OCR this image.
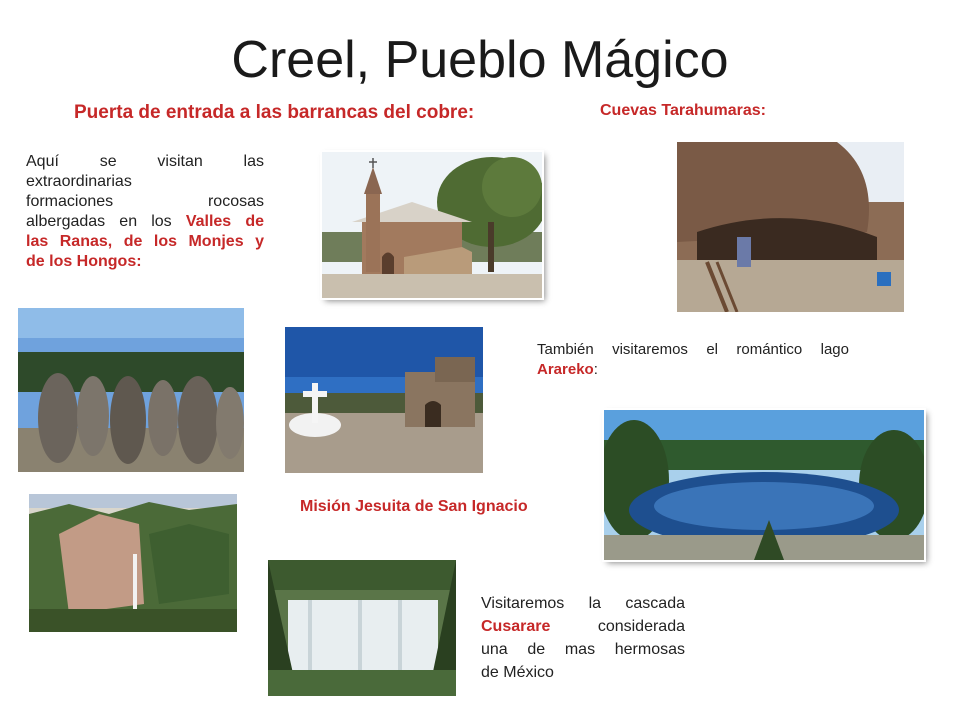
Creel, Pueblo Mágico
Puerta de entrada a las barrancas del cobre:	Cuevas Tarahumaras:

Aquí se visitan las

extraordinarias

formaciones rocosas

albergadas en los Valles de

las Ranas, de los Monjes y

de los Hongos:

También visitaremos el romántico lago

Arareko:

Misión Jesuita de San Ignacio

Visitaremos la cascada

Cusarare considerada

una de mas hermosas

de México
